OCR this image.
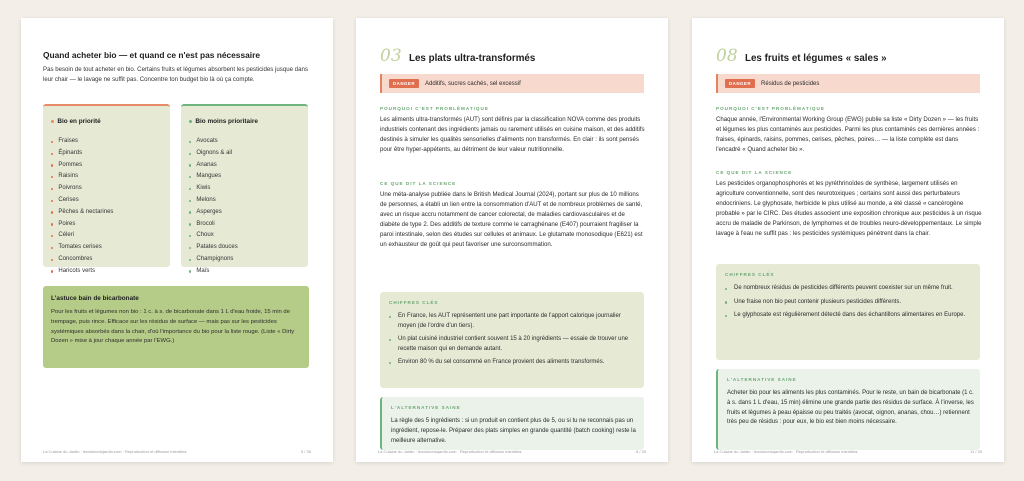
Quand acheter bio — et quand ce n'est pas nécessaire
Pas besoin de tout acheter en bio. Certains fruits et légumes absorbent les pesticides jusque dans leur chair — le lavage ne suffit pas. Concentre ton budget bio là où ça compte.
Bio en priorité
Fraises
Épinards
Pommes
Raisins
Poivrons
Cerises
Pêches & nectarines
Poires
Céleri
Tomates cerises
Concombres
Haricots verts
Bio moins prioritaire
Avocats
Oignons & ail
Ananas
Mangues
Kiwis
Melons
Asperges
Brocoli
Choux
Patates douces
Champignons
Maïs
L'astuce bain de bicarbonate
Pour les fruits et légumes non bio : 1 c. à s. de bicarbonate dans 1 L d'eau froide, 15 min de trempage, puis rince. Efficace sur les résidus de surface — mais pas sur les pesticides systémiques absorbés dans la chair, d'où l'importance du bio pour la liste rouge. (Liste « Dirty Dozen » mise à jour chaque année par l'EWG.)
La Cuisine du Jardin · lecuisinedujardin.com · Reproduction et diffusion interdites	5 / 35
03 Les plats ultra-transformés
DANGER	Additifs, sucres cachés, sel excessif
POURQUOI C'EST PROBLÉMATIQUE
Les aliments ultra-transformés (AUT) sont définis par la classification NOVA comme des produits industriels contenant des ingrédients jamais ou rarement utilisés en cuisine maison, et des additifs destinés à simuler les qualités sensorielles d'aliments non transformés. En clair : ils sont pensés pour être hyper-appétents, au détriment de leur valeur nutritionnelle.
CE QUE DIT LA SCIENCE
Une méta-analyse publiée dans le British Medical Journal (2024), portant sur plus de 10 millions de personnes, a établi un lien entre la consommation d'AUT et de nombreux problèmes de santé, avec un risque accru notamment de cancer colorectal, de maladies cardiovasculaires et de diabète de type 2. Des additifs de texture comme le carraghénane (E407) pourraient fragiliser la paroi intestinale, selon des études sur cellules et animaux. Le glutamate monosodique (E621) est un exhausteur de goût qui peut favoriser une surconsommation.
CHIFFRES CLÉS
En France, les AUT représentent une part importante de l'apport calorique journalier moyen (de l'ordre d'un tiers).
Un plat cuisiné industriel contient souvent 15 à 20 ingrédients — essaie de trouver une recette maison qui en demande autant.
Environ 80 % du sel consommé en France provient des aliments transformés.
L'ALTERNATIVE SAINE
La règle des 5 ingrédients : si un produit en contient plus de 5, ou si tu ne reconnais pas un ingrédient, repose-le. Préparer des plats simples en grande quantité (batch cooking) reste la meilleure alternative.
La Cuisine du Jardin · lecuisinedujardin.com · Reproduction et diffusion interdites	6 / 35
08 Les fruits et légumes « sales »
DANGER	Résidus de pesticides
POURQUOI C'EST PROBLÉMATIQUE
Chaque année, l'Environmental Working Group (EWG) publie sa liste « Dirty Dozen » — les fruits et légumes les plus contaminés aux pesticides. Parmi les plus contaminés ces dernières années : fraises, épinards, raisins, pommes, cerises, pêches, poires… — la liste complète est dans l'encadré « Quand acheter bio ».
CE QUE DIT LA SCIENCE
Les pesticides organophosphorés et les pyréthrinoïdes de synthèse, largement utilisés en agriculture conventionnelle, sont des neurotoxiques ; certains sont aussi des perturbateurs endocriniens. Le glyphosate, herbicide le plus utilisé au monde, a été classé « cancérogène probable » par le CIRC. Des études associent une exposition chronique aux pesticides à un risque accru de maladie de Parkinson, de lymphomes et de troubles neuro-développementaux. Le simple lavage à l'eau ne suffit pas : les pesticides systémiques pénètrent dans la chair.
CHIFFRES CLÉS
De nombreux résidus de pesticides différents peuvent coexister sur un même fruit.
Une fraise non bio peut contenir plusieurs pesticides différents.
Le glyphosate est régulièrement détecté dans des échantillons alimentaires en Europe.
L'ALTERNATIVE SAINE
Acheter bio pour les aliments les plus contaminés. Pour le reste, un bain de bicarbonate (1 c. à s. dans 1 L d'eau, 15 min) élimine une grande partie des résidus de surface. À l'inverse, les fruits et légumes à peau épaisse ou peu traités (avocat, oignon, ananas, chou…) retiennent très peu de résidus : pour eux, le bio est bien moins nécessaire.
La Cuisine du Jardin · lecuisinedujardin.com · Reproduction et diffusion interdites	11 / 35
